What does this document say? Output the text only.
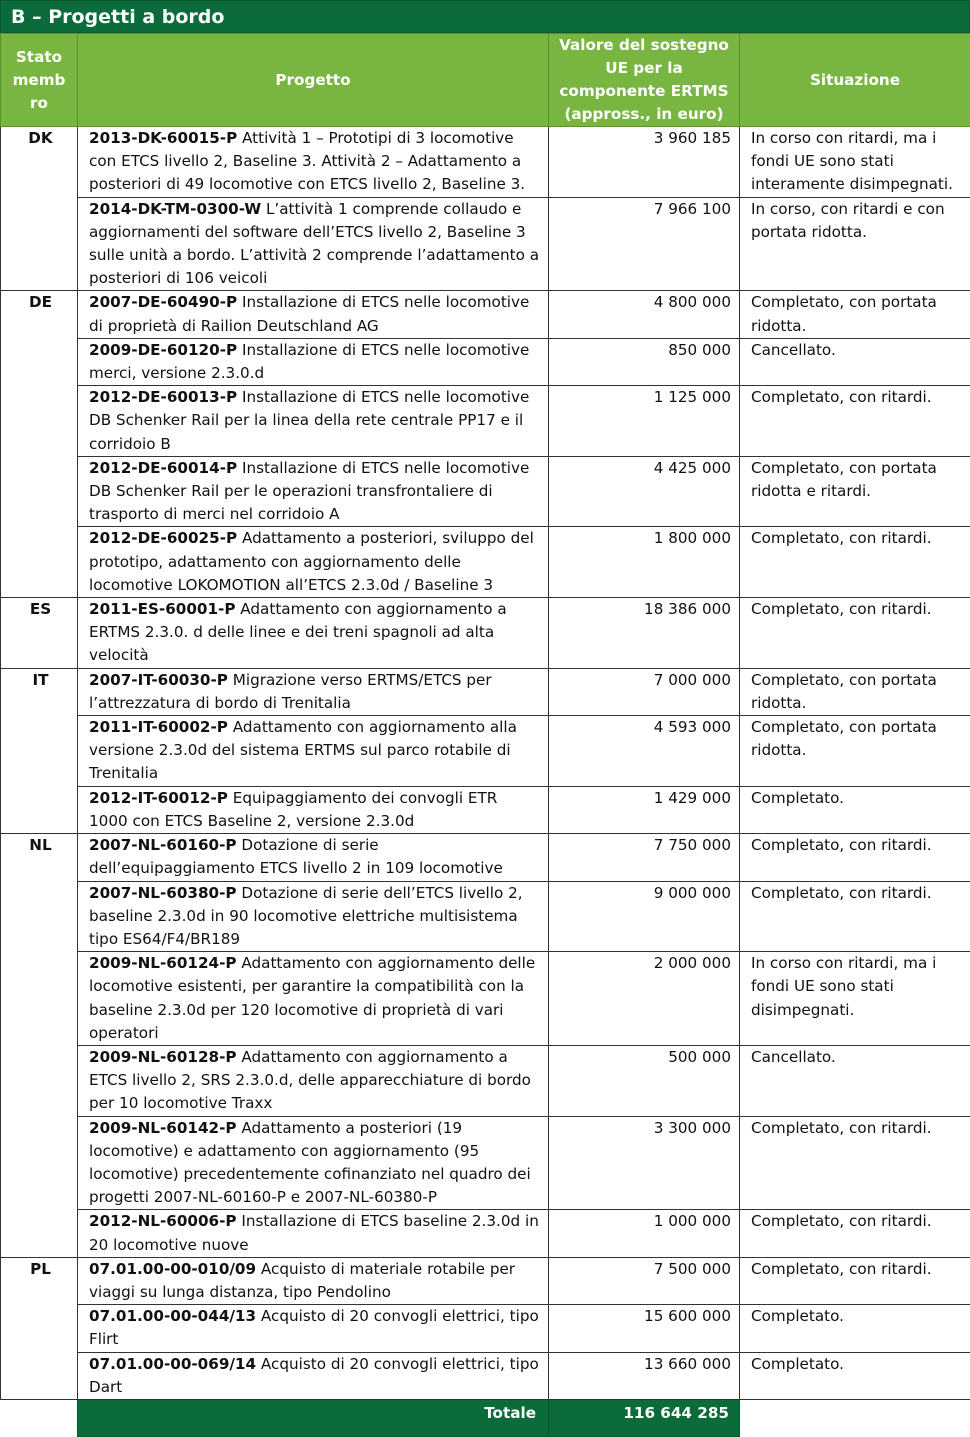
B – Progetti a bordo
Stato memb ro	Progetto	Valore del sostegno UE per la componente ERTMS (appross., in euro)	Situazione
DK	2013-DK-60015-P Attività 1 – Prototipi di 3 locomotive con ETCS livello 2, Baseline 3. Attività 2 – Adattamento a posteriori di 49 locomotive con ETCS livello 2, Baseline 3.	3 960 185	In corso con ritardi, ma i fondi UE sono stati interamente disimpegnati.
	2014-DK-TM-0300-W L’attività 1 comprende collaudo e aggiornamenti del software dell’ETCS livello 2, Baseline 3 sulle unità a bordo. L’attività 2 comprende l’adattamento a posteriori di 106 veicoli	7 966 100	In corso, con ritardi e con portata ridotta.
DE	2007-DE-60490-P Installazione di ETCS nelle locomotive di proprietà di Railion Deutschland AG	4 800 000	Completato, con portata ridotta.
	2009-DE-60120-P Installazione di ETCS nelle locomotive merci, versione 2.3.0.d	850 000	Cancellato.
	2012-DE-60013-P Installazione di ETCS nelle locomotive DB Schenker Rail per la linea della rete centrale PP17 e il corridoio B	1 125 000	Completato, con ritardi.
	2012-DE-60014-P Installazione di ETCS nelle locomotive DB Schenker Rail per le operazioni transfrontaliere di trasporto di merci nel corridoio A	4 425 000	Completato, con portata ridotta e ritardi.
	2012-DE-60025-P Adattamento a posteriori, sviluppo del prototipo, adattamento con aggiornamento delle locomotive LOKOMOTION all’ETCS 2.3.0d / Baseline 3	1 800 000	Completato, con ritardi.
ES	2011-ES-60001-P Adattamento con aggiornamento a ERTMS 2.3.0. d delle linee e dei treni spagnoli ad alta velocità	18 386 000	Completato, con ritardi.
IT	2007-IT-60030-P Migrazione verso ERTMS/ETCS per l’attrezzatura di bordo di Trenitalia	7 000 000	Completato, con portata ridotta.
	2011-IT-60002-P Adattamento con aggiornamento alla versione 2.3.0d del sistema ERTMS sul parco rotabile di Trenitalia	4 593 000	Completato, con portata ridotta.
	2012-IT-60012-P Equipaggiamento dei convogli ETR 1000 con ETCS Baseline 2, versione 2.3.0d	1 429 000	Completato.
NL	2007-NL-60160-P Dotazione di serie dell’equipaggiamento ETCS livello 2 in 109 locomotive	7 750 000	Completato, con ritardi.
	2007-NL-60380-P Dotazione di serie dell’ETCS livello 2, baseline 2.3.0d in 90 locomotive elettriche multisistema tipo ES64/F4/BR189	9 000 000	Completato, con ritardi.
	2009-NL-60124-P Adattamento con aggiornamento delle locomotive esistenti, per garantire la compatibilità con la baseline 2.3.0d per 120 locomotive di proprietà di vari operatori	2 000 000	In corso con ritardi, ma i fondi UE sono stati disimpegnati.
	2009-NL-60128-P Adattamento con aggiornamento a ETCS livello 2, SRS 2.3.0.d, delle apparecchiature di bordo per 10 locomotive Traxx	500 000	Cancellato.
	2009-NL-60142-P Adattamento a posteriori (19 locomotive) e adattamento con aggiornamento (95 locomotive) precedentemente cofinanziato nel quadro dei progetti 2007-NL-60160-P e 2007-NL-60380-P	3 300 000	Completato, con ritardi.
	2012-NL-60006-P Installazione di ETCS baseline 2.3.0d in 20 locomotive nuove	1 000 000	Completato, con ritardi.
PL	07.01.00-00-010/09 Acquisto di materiale rotabile per viaggi su lunga distanza, tipo Pendolino	7 500 000	Completato, con ritardi.
	07.01.00-00-044/13 Acquisto di 20 convogli elettrici, tipo Flirt	15 600 000	Completato.
	07.01.00-00-069/14 Acquisto di 20 convogli elettrici, tipo Dart	13 660 000	Completato.
	Totale	116 644 285	
